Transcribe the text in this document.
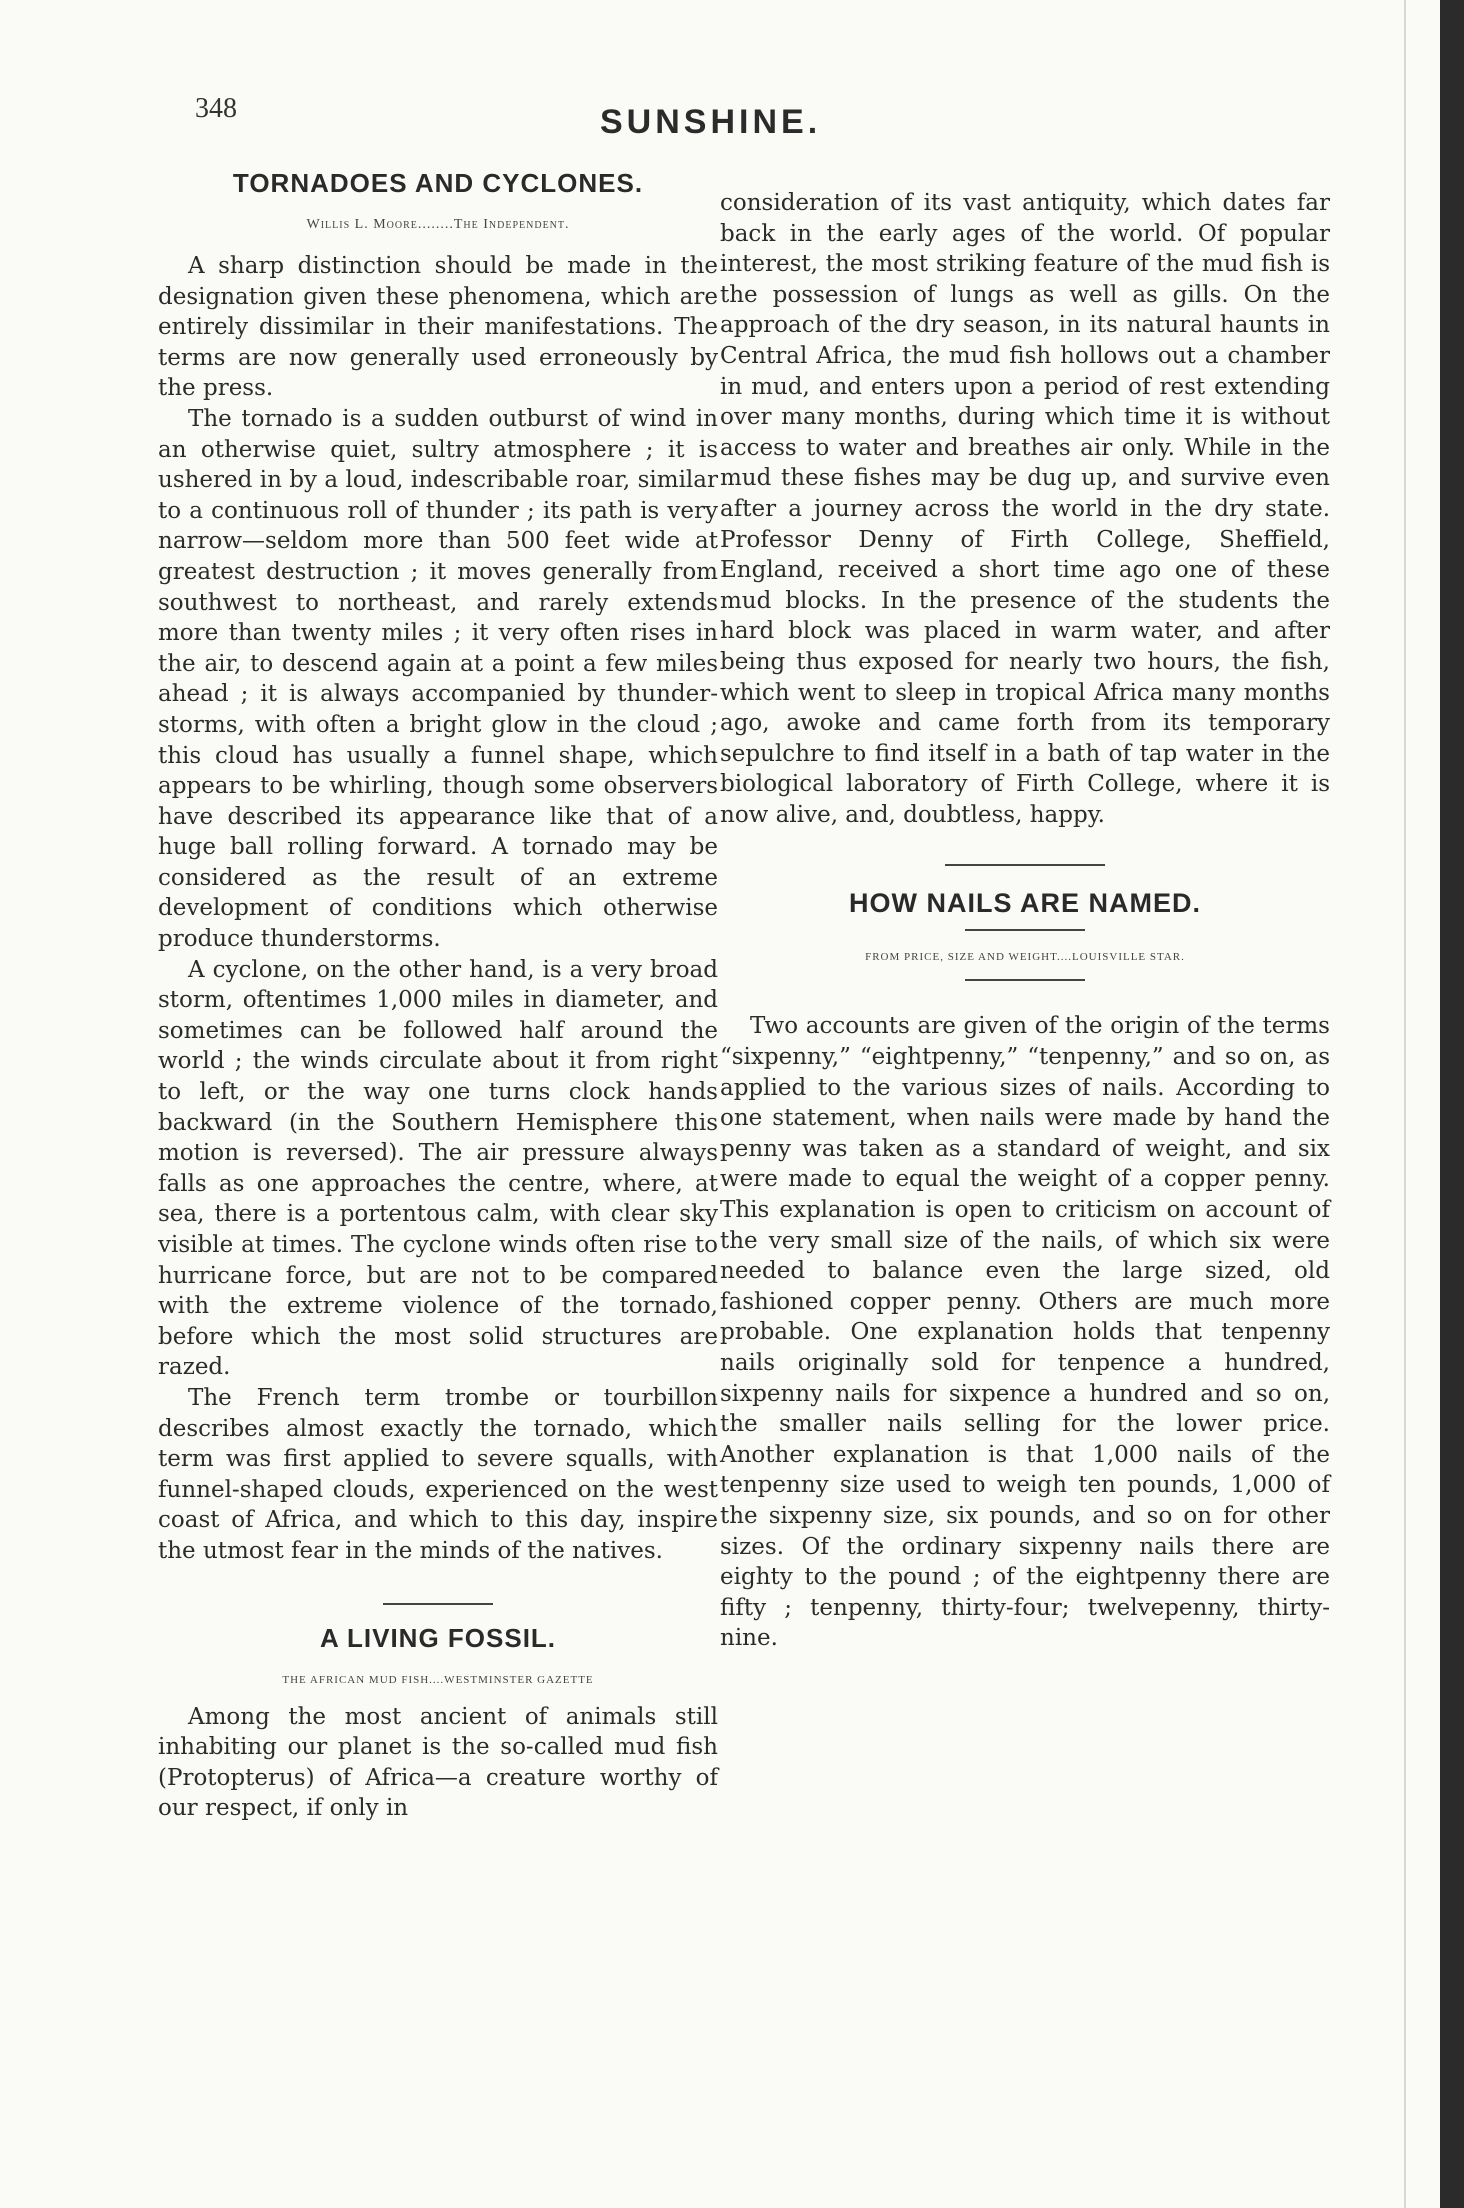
348	SUNSHINE.
TORNADOES AND CYCLONES.
Willis L. Moore........The Independent.

A sharp distinction should be made in the designation given these phenomena, which are entirely dissimilar in their manifestations. The terms are now generally used erroneously by the press.

The tornado is a sudden outburst of wind in an otherwise quiet, sultry atmosphere ; it is ushered in by a loud, indescribable roar, similar to a continuous roll of thunder ; its path is very narrow—seldom more than 500 feet wide at greatest destruction ; it moves generally from southwest to northeast, and rarely extends more than twenty miles ; it very often rises in the air, to descend again at a point a few miles ahead ; it is always accompanied by thunder-storms, with often a bright glow in the cloud ; this cloud has usually a funnel shape, which appears to be whirling, though some observers have described its appearance like that of a huge ball rolling forward. A tornado may be considered as the result of an extreme development of conditions which otherwise produce thunderstorms.

A cyclone, on the other hand, is a very broad storm, oftentimes 1,000 miles in diameter, and sometimes can be followed half around the world ; the winds circulate about it from right to left, or the way one turns clock hands backward (in the Southern Hemisphere this motion is reversed). The air pressure always falls as one approaches the centre, where, at sea, there is a portentous calm, with clear sky visible at times. The cyclone winds often rise to hurricane force, but are not to be compared with the extreme violence of the tornado, before which the most solid structures are razed.

The French term trombe or tourbillon describes almost exactly the tornado, which term was first applied to severe squalls, with funnel-shaped clouds, experienced on the west coast of Africa, and which to this day, inspire the utmost fear in the minds of the natives.

A LIVING FOSSIL.
THE AFRICAN MUD FISH....WESTMINSTER GAZETTE

Among the most ancient of animals still inhabiting our planet is the so-called mud fish (Protopterus) of Africa—a creature worthy of our respect, if only in

consideration of its vast antiquity, which dates far back in the early ages of the world. Of popular interest, the most striking feature of the mud fish is the possession of lungs as well as gills. On the approach of the dry season, in its natural haunts in Central Africa, the mud fish hollows out a chamber in mud, and enters upon a period of rest extending over many months, during which time it is without access to water and breathes air only. While in the mud these fishes may be dug up, and survive even after a journey across the world in the dry state. Professor Denny of Firth College, Sheffield, England, received a short time ago one of these mud blocks. In the presence of the students the hard block was placed in warm water, and after being thus exposed for nearly two hours, the fish, which went to sleep in tropical Africa many months ago, awoke and came forth from its temporary sepulchre to find itself in a bath of tap water in the biological laboratory of Firth College, where it is now alive, and, doubtless, happy.

HOW NAILS ARE NAMED.
FROM PRICE, SIZE AND WEIGHT....LOUISVILLE STAR.

Two accounts are given of the origin of the terms “sixpenny,” “eightpenny,” “tenpenny,” and so on, as applied to the various sizes of nails. According to one statement, when nails were made by hand the penny was taken as a standard of weight, and six were made to equal the weight of a copper penny. This explanation is open to criticism on account of the very small size of the nails, of which six were needed to balance even the large sized, old fashioned copper penny. Others are much more probable. One explanation holds that tenpenny nails originally sold for tenpence a hundred, sixpenny nails for sixpence a hundred and so on, the smaller nails selling for the lower price. Another explanation is that 1,000 nails of the tenpenny size used to weigh ten pounds, 1,000 of the sixpenny size, six pounds, and so on for other sizes. Of the ordinary sixpenny nails there are eighty to the pound ; of the eightpenny there are fifty ; tenpenny, thirty-four; twelvepenny, thirty-nine.
